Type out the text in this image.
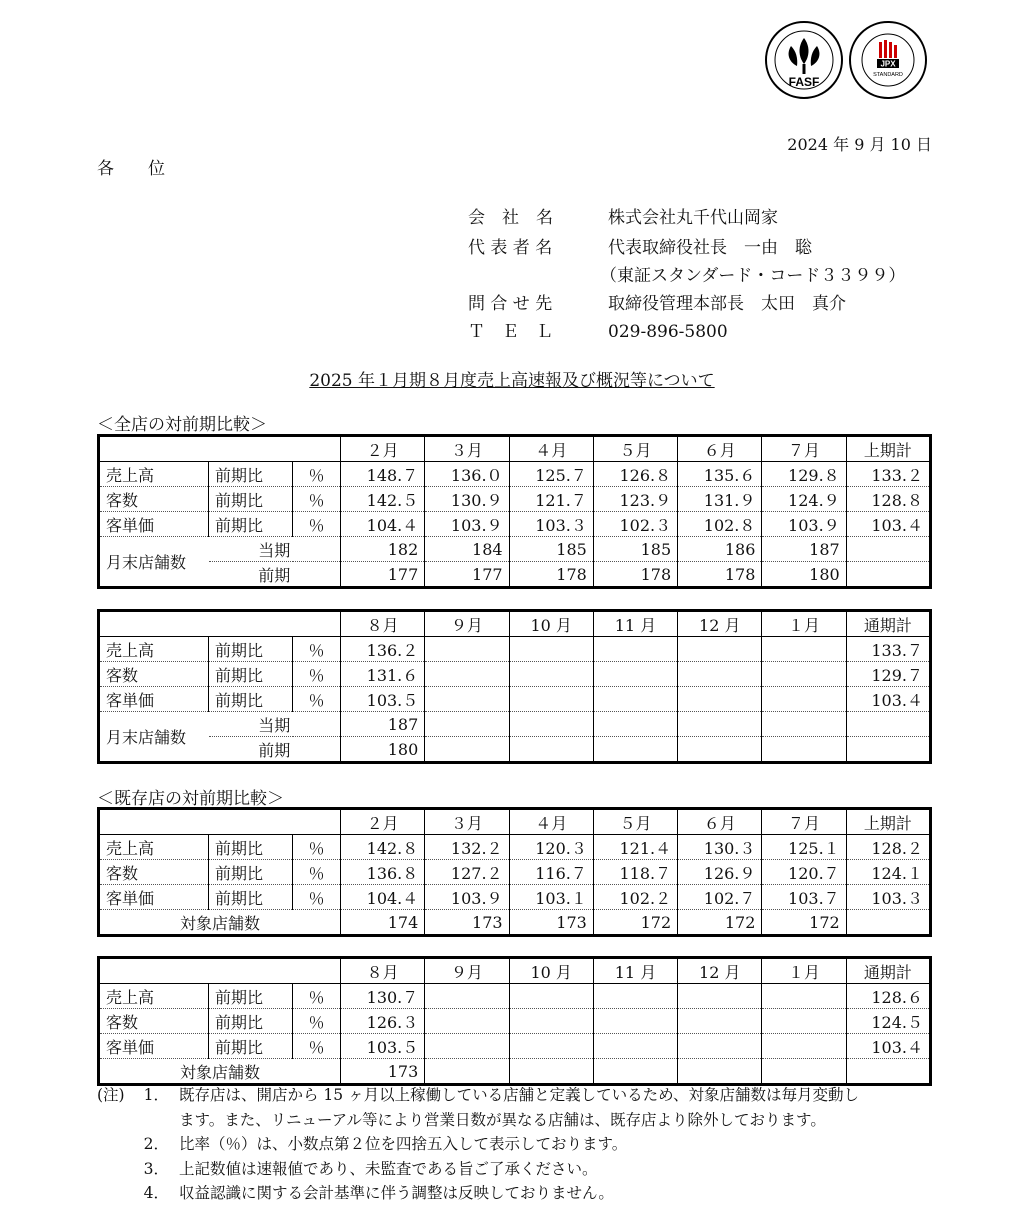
FASF
JPX
STANDARD
2024 年 9 月 10 日
各　　位
会　社　名	株式会社丸千代山岡家
代 表 者 名	代表取締役社長　一由　聡
（東証スタンダード・コード３３９９）
問 合 せ 先	取締役管理本部長　太田　真介
Ｔ　Ｅ　Ｌ	029-896-5800
2025 年１月期８月度売上高速報及び概況等について
＜全店の対前期比較＞
			２月	３月	４月	５月	６月	７月	上期計
売上高	前期比	％	148.７	136.０	125.７	126.８	135.６	129.８	133.２
客数	前期比	％	142.５	130.９	121.７	123.９	131.９	124.９	128.８
客単価	前期比	％	104.４	103.９	103.３	102.３	102.８	103.９	103.４
月末店舗数	当期		182	184	185	185	186	187	
	前期		177	177	178	178	178	180	
			８月	９月	10 月	11 月	12 月	１月	通期計
売上高	前期比	％	136.２						133.７
客数	前期比	％	131.６						129.７
客単価	前期比	％	103.５						103.４
月末店舗数	当期		187						
	前期		180						
＜既存店の対前期比較＞
			２月	３月	４月	５月	６月	７月	上期計
売上高	前期比	％	142.８	132.２	120.３	121.４	130.３	125.１	128.２
客数	前期比	％	136.８	127.２	116.７	118.７	126.９	120.７	124.１
客単価	前期比	％	104.４	103.９	103.１	102.２	102.７	103.７	103.３
対象店舗数			174	173	173	172	172	172	
			８月	９月	10 月	11 月	12 月	１月	通期計
売上高	前期比	％	130.７						128.６
客数	前期比	％	126.３						124.５
客単価	前期比	％	103.５						103.４
対象店舗数			173						
(注)	1． 既存店は、開店から 15 ヶ月以上稼働している店舗と定義しているため、対象店舗数は毎月変動し
ます。また、リニューアル等により営業日数が異なる店舗は、既存店より除外しております。
2． 比率（％）は、小数点第２位を四捨五入して表示しております。
3． 上記数値は速報値であり、未監査である旨ご了承ください。
4． 収益認識に関する会計基準に伴う調整は反映しておりません。
